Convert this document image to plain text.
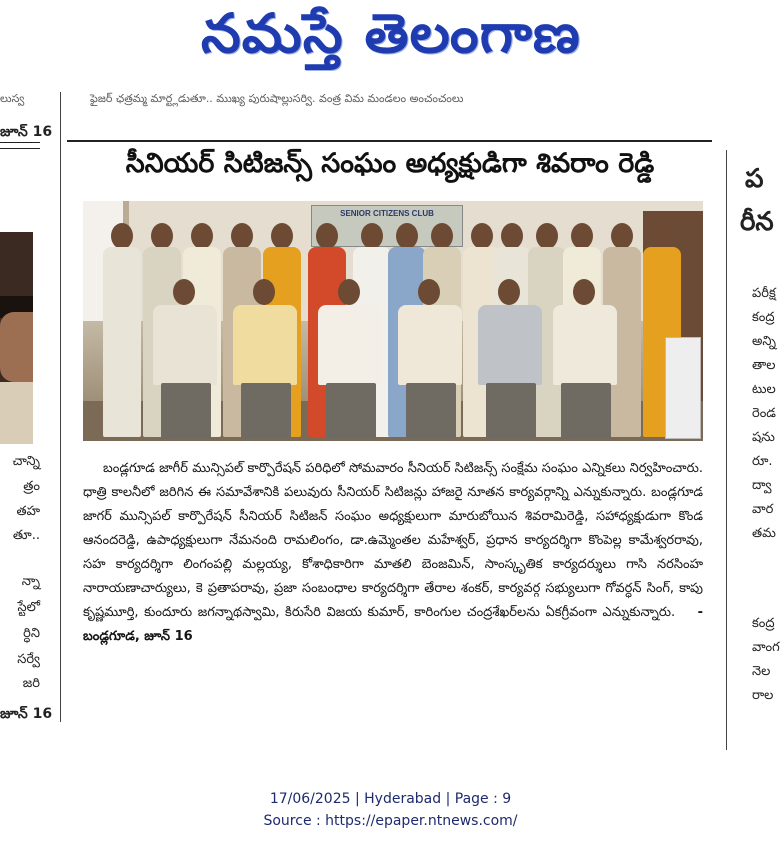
నమస్తే తెలంగాణ
లుస్వ	ఫైజర్ ఛత్రమ్మ మార్ట్లడుతూ.. ముఖ్య పురుషాల్లుసర్వి. వంత్ర విమ మండలం అంచంచంలు
జూన్ 16
చాన్ని
త్రం
తహ
తూ..
న్నా
స్టేలో
ర్ధిని
సర్వే
జరి
జూన్ 16
ప
రీన
పరీక్ష
కంద్ర
అన్ని
తాల
టుల
రెండ
షను
రూ.
ద్వా
వార
తమ
కంద్ర
వాంగ
నెల
రాల
సీనియర్ సిటిజన్స్ సంఘం అధ్యక్షుడిగా శివరాం రెడ్డి
SENIOR CITIZENS CLUB

బండ్లగూడ జాగీర్ మున్సిపల్ కార్పొరేషన్ పరిధిలో సోమవారం సీనియర్ సిటిజన్స్ సంక్షేమ సంఘం ఎన్నికలు నిర్వహించారు. ధాత్రి కాలనీలో జరిగిన ఈ సమావేశానికి పలువురు సీనియర్ సిటిజన్లు హాజరై నూతన కార్యవర్గాన్ని ఎన్నుకున్నారు. బండ్లగూడ జాగర్ మున్సిపల్ కార్పొరేషన్ సీనియర్ సిటిజన్ సంఘం అధ్యక్షులుగా మారుబోయిన శివరామిరెడ్డి, సహాధ్యక్షుడుగా కొండ ఆనందరెడ్డి, ఉపాధ్యక్షులుగా నేమనంది రామలింగం, డా.ఉమ్మెంతల మహేశ్వర్, ప్రధాన కార్యదర్శిగా కొంపెల్ల కామేశ్వరరావు, సహ కార్యదర్శిగా లింగంపల్లి మల్లయ్య, కోశాధికారిగా మాతలి బెంజమిన్, సాంస్కృతిక కార్యదర్శులు గాసి నరసింహ నారాయణాచార్యులు, కె ప్రతాపరావు, ప్రజా సంబంధాల కార్యదర్శిగా తేరాల శంకర్, కార్యవర్గ సభ్యులుగా గోవర్ధన్ సింగ్, కాపు కృష్ణమూర్తి, కుందూరు జగన్నాథస్వామి, కిరుసేరి విజయ కుమార్, కారింగుల చంద్రశేఖర్‌లను ఏకగ్రీవంగా ఎన్నుకున్నారు. -బండ్లగూడ, జూన్ 16

17/06/2025 | Hyderabad | Page : 9
Source : https://epaper.ntnews.com/
